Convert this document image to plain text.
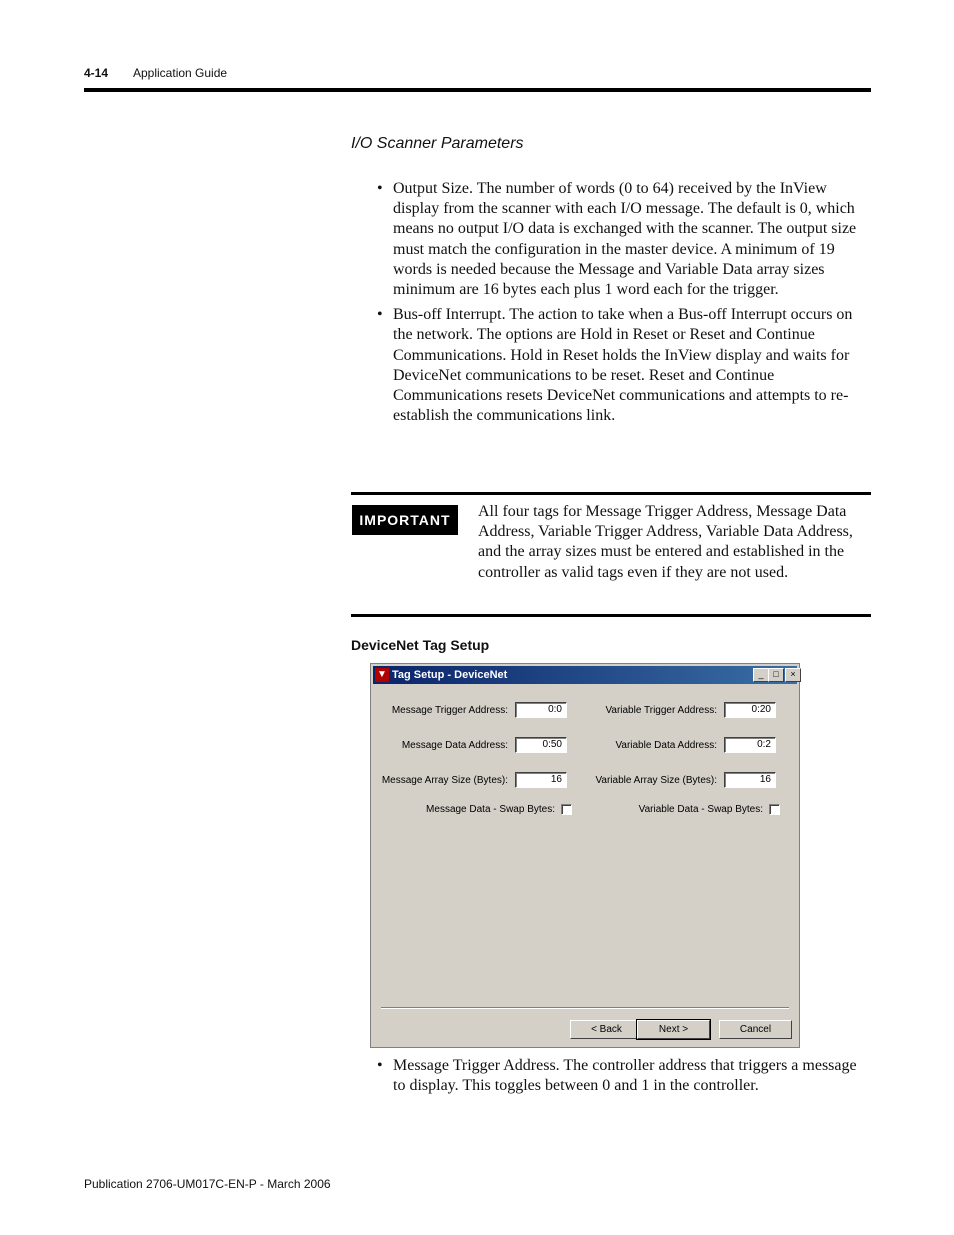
4-14 Application Guide
I/O Scanner Parameters
• Output Size. The number of words (0 to 64) received by the InView display from the scanner with each I/O message. The default is 0, which means no output I/O data is exchanged with the scanner. The output size must match the configuration in the master device. A minimum of 19 words is needed because the Message and Variable Data array sizes minimum are 16 bytes each plus 1 word each for the trigger.
• Bus-off Interrupt. The action to take when a Bus-off Interrupt occurs on the network. The options are Hold in Reset or Reset and Continue Communications. Hold in Reset holds the InView display and waits for DeviceNet communications to be reset. Reset and Continue Communications resets DeviceNet communications and attempts to re-establish the communications link.
IMPORTANT	All four tags for Message Trigger Address, Message Data Address, Variable Trigger Address, Variable Data Address, and the array sizes must be entered and established in the controller as valid tags even if they are not used.
DeviceNet Tag Setup
▼ Tag Setup - DeviceNet	_	□	×
Message Trigger Address:	0:0
Message Data Address:	0:50
Message Array Size (Bytes):	16
Message Data - Swap Bytes:
Variable Trigger Address:	0:20
Variable Data Address:	0:2
Variable Array Size (Bytes):	16
Variable Data - Swap Bytes:
< Back	Next >	Cancel
• Message Trigger Address. The controller address that triggers a message to display. This toggles between 0 and 1 in the controller.
Publication 2706-UM017C-EN-P - March 2006
